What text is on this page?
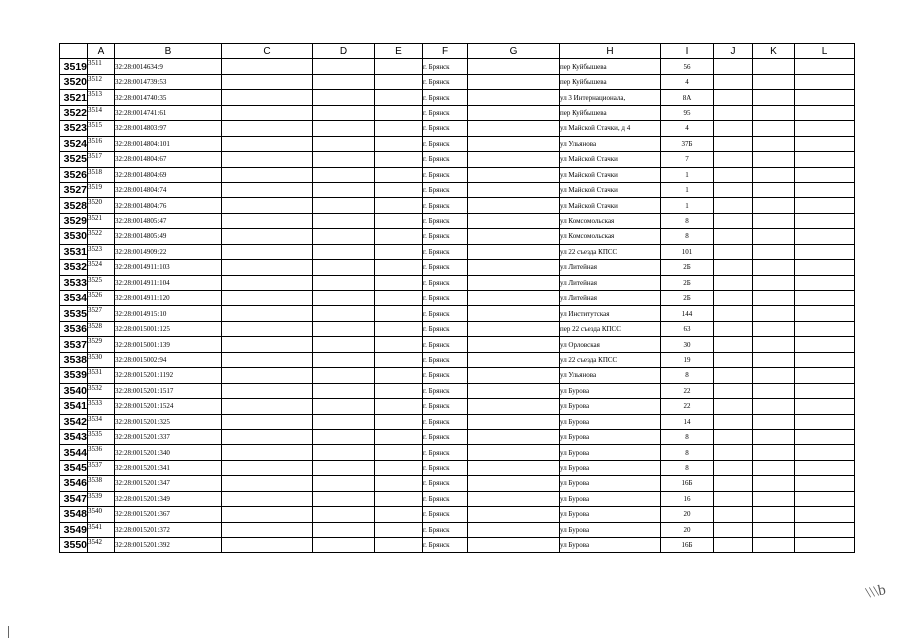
	A	B	C	D	E	F	G	H	I	J	K	L
3519	3511	32:28:0014634:9				г. Брянск		пер Куйбышева	56			
3520	3512	32:28:0014739:53				г. Брянск		пер Куйбышева	4			
3521	3513	32:28:0014740:35				г. Брянск		ул 3 Интернационала,	8А			
3522	3514	32:28:0014741:61				г. Брянск		пер Куйбышева	95			
3523	3515	32:28:0014803:97				г. Брянск		ул Майской Стачки, д 4	4			
3524	3516	32:28:0014804:101				г. Брянск		ул Ульянова	37Б			
3525	3517	32:28:0014804:67				г. Брянск		ул Майской Стачки	7			
3526	3518	32:28:0014804:69				г. Брянск		ул Майской Стачки	1			
3527	3519	32:28:0014804:74				г. Брянск		ул Майской Стачки	1			
3528	3520	32:28:0014804:76				г. Брянск		ул Майской Стачки	1			
3529	3521	32:28:0014805:47				г. Брянск		ул Комсомольская	8			
3530	3522	32:28:0014805:49				г. Брянск		ул Комсомольская	8			
3531	3523	32:28:0014909:22				г. Брянск		ул 22 съезда КПСС	101			
3532	3524	32:28:0014911:103				г. Брянск		ул Литейная	2Б			
3533	3525	32:28:0014911:104				г. Брянск		ул Литейная	2Б			
3534	3526	32:28:0014911:120				г. Брянск		ул Литейная	2Б			
3535	3527	32:28:0014915:10				г. Брянск		ул Институтская	144			
3536	3528	32:28:0015001:125				г. Брянск		пер 22 съезда КПСС	63			
3537	3529	32:28:0015001:139				г. Брянск		ул Орловская	30			
3538	3530	32:28:0015002:94				г. Брянск		ул 22 съезда КПСС	19			
3539	3531	32:28:0015201:1192				г. Брянск		ул Ульянова	8			
3540	3532	32:28:0015201:1517				г. Брянск		ул Бурова	22			
3541	3533	32:28:0015201:1524				г. Брянск		ул Бурова	22			
3542	3534	32:28:0015201:325				г. Брянск		ул Бурова	14			
3543	3535	32:28:0015201:337				г. Брянск		ул Бурова	8			
3544	3536	32:28:0015201:340				г. Брянск		ул Бурова	8			
3545	3537	32:28:0015201:341				г. Брянск		ул Бурова	8			
3546	3538	32:28:0015201:347				г. Брянск		ул Бурова	16Б			
3547	3539	32:28:0015201:349				г. Брянск		ул Бурова	16			
3548	3540	32:28:0015201:367				г. Брянск		ул Бурова	20			
3549	3541	32:28:0015201:372				г. Брянск		ул Бурова	20			
3550	3542	32:28:0015201:392				г. Брянск		ул Бурова	16Б			
\\\b
